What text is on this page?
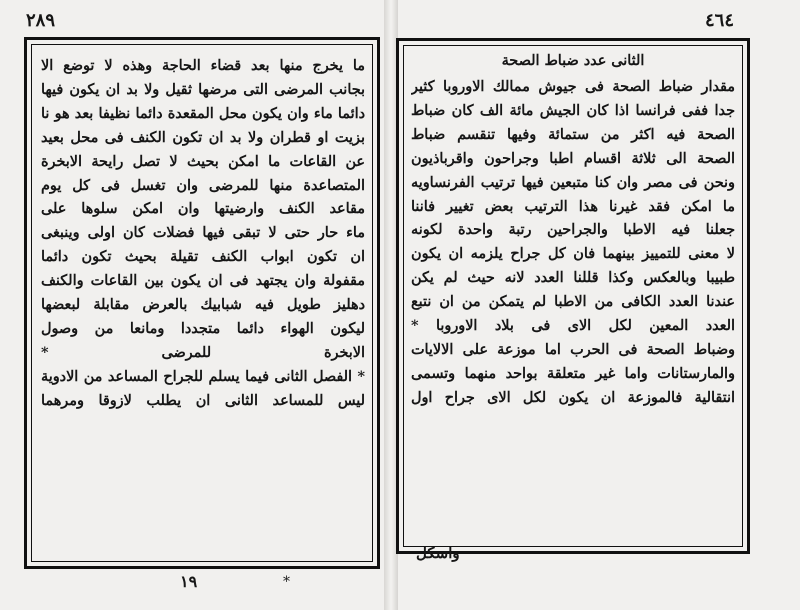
٢٨٩	٤٦٤
ما يخرج منها بعد قضاء الحاجة وهذه لا توضع الا
بجانب المرضى التى مرضها ثقيل ولا بد ان يكون فيها
دائما ماء وان يكون محل المقعدة دائما نظيفا بعد هو نا
بزيت او قطران ولا بد ان تكون الكنف فى محل بعيد
عن القاعات ما امكن بحيث لا تصل رايحة الابخرة
المتصاعدة منها للمرضى وان تغسل فى كل يوم
مقاعد الكنف وارضيتها وان امكن سلوها على
ماء حار حتى لا تبقى فيها فضلات كان اولى وينبغى
ان تكون ابواب الكنف تقيلة بحيث تكون دائما
مقفولة وان يجتهد فى ان يكون بين القاعات والكنف
دهليز طويل فيه شبابيك بالعرض مقابلة لبعضها
ليكون الهواء دائما متجددا ومانعا من وصول
الابخرة للمرضى *
* الفصل الثانى فيما يسلم للجراح المساعد من الادوية
ليس للمساعد الثانى ان يطلب لازوقا ومرهما
الثانى عدد ضباط الصحة
مقدار ضباط الصحة فى جيوش ممالك الاوروبا كثير
جدا ففى فرانسا اذا كان الجيش مائة الف كان ضباط
الصحة فيه اكثر من ستمائة وفيها تنقسم ضباط
الصحة الى ثلاثة اقسام اطبا وجراحون واقرباذيون
ونحن فى مصر وان كنا متبعين فيها ترتيب الفرنساويه
ما امكن فقد غيرنا هذا الترتيب بعض تغيير فاننا
جعلنا فيه الاطبا والجراحين رتبة واحدة لكونه
لا معنى للتمييز بينهما فان كل جراح يلزمه ان يكون
طبيبا وبالعكس وكذا قللنا العدد لانه حيث لم يكن
عندنا العدد الكافى من الاطبا لم يتمكن من ان نتبع
العدد المعين لكل الاى فى بلاد الاوروبا *
وضباط الصحة فى الحرب اما موزعة على الالايات
والمارستانات واما غير متعلقة بواحد منهما وتسمى
انتقالية فالموزعة ان يكون لكل الاى جراح اول
واسكل
١٩	*
